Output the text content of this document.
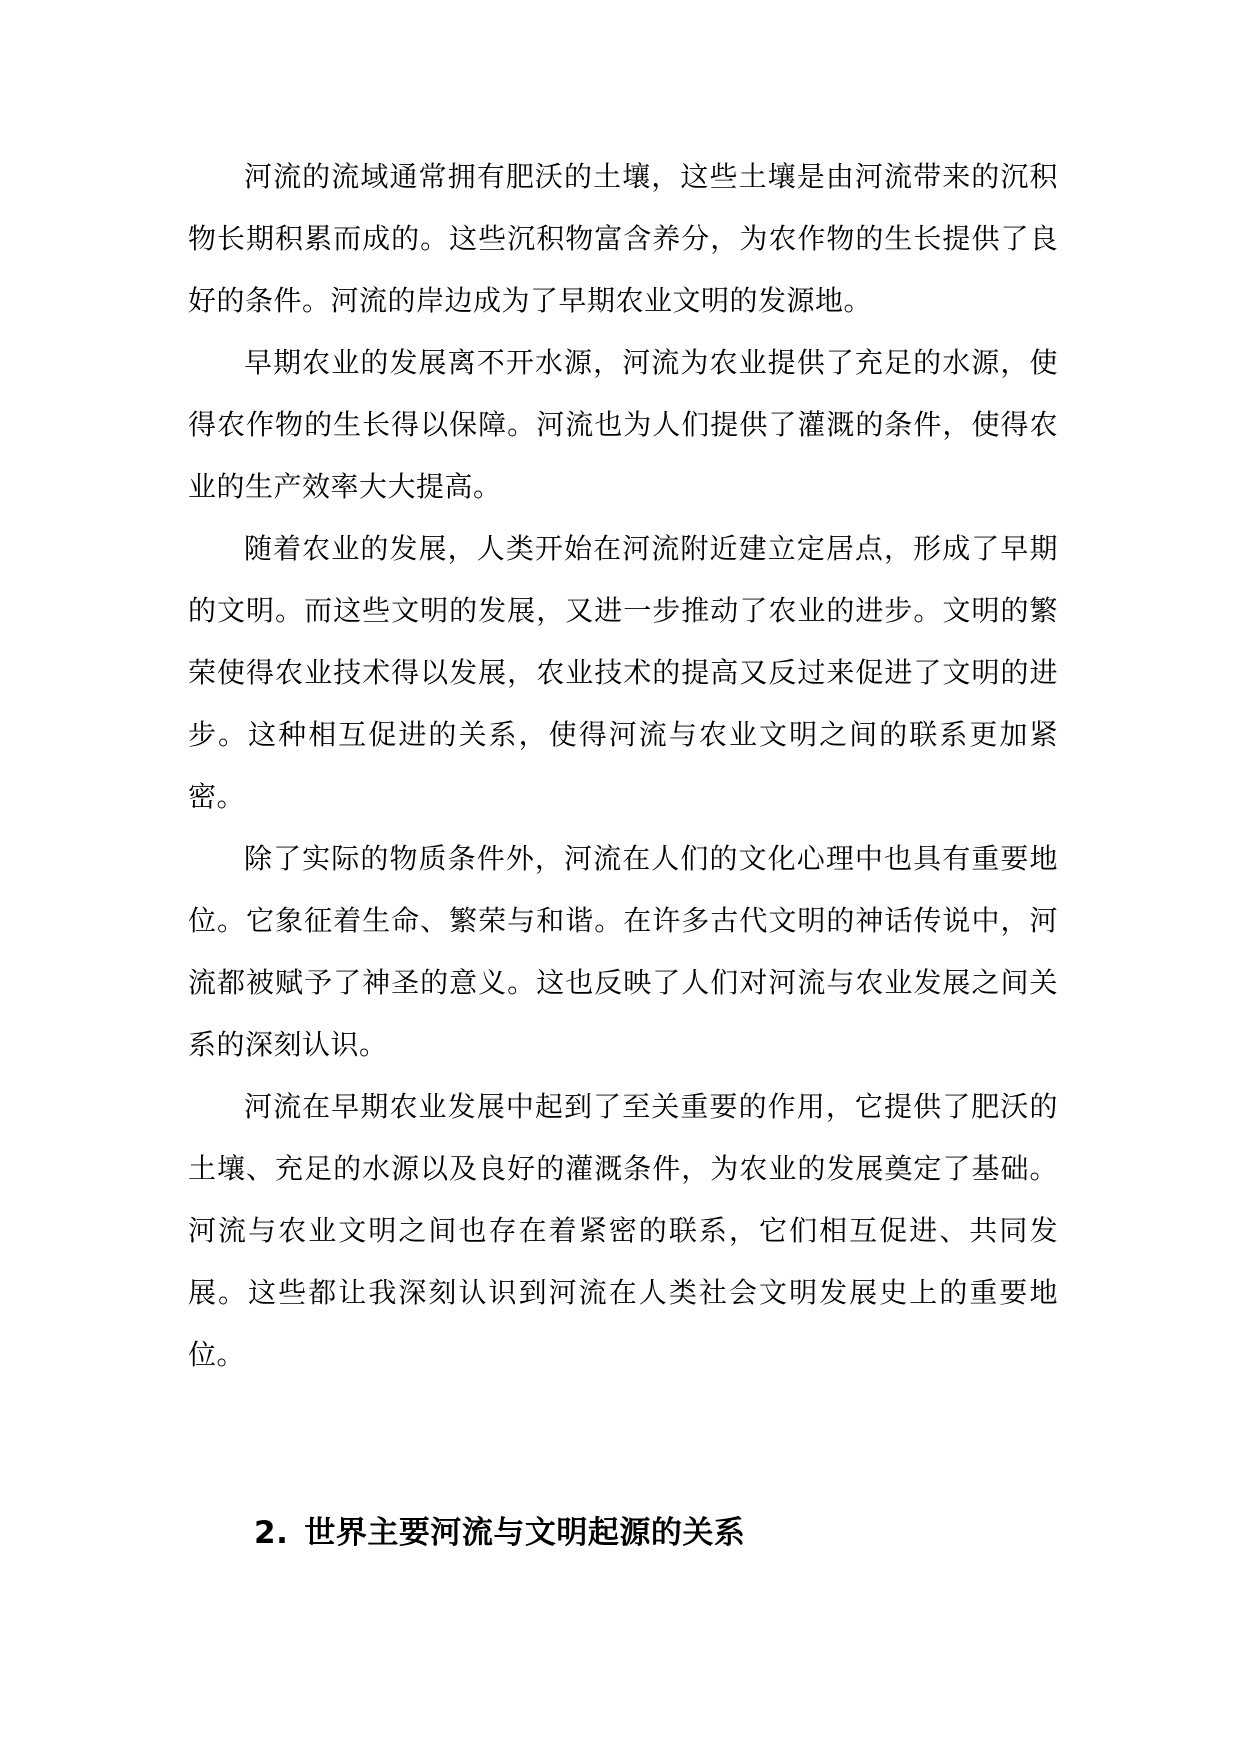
河流的流域通常拥有肥沃的土壤，这些土壤是由河流带来的沉积物长期积累而成的。这些沉积物富含养分，为农作物的生长提供了良好的条件。河流的岸边成为了早期农业文明的发源地。

早期农业的发展离不开水源，河流为农业提供了充足的水源，使得农作物的生长得以保障。河流也为人们提供了灌溉的条件，使得农业的生产效率大大提高。

随着农业的发展，人类开始在河流附近建立定居点，形成了早期的文明。而这些文明的发展，又进一步推动了农业的进步。文明的繁荣使得农业技术得以发展，农业技术的提高又反过来促进了文明的进步。这种相互促进的关系，使得河流与农业文明之间的联系更加紧密。

除了实际的物质条件外，河流在人们的文化心理中也具有重要地位。它象征着生命、繁荣与和谐。在许多古代文明的神话传说中，河流都被赋予了神圣的意义。这也反映了人们对河流与农业发展之间关系的深刻认识。

河流在早期农业发展中起到了至关重要的作用，它提供了肥沃的土壤、充足的水源以及良好的灌溉条件，为农业的发展奠定了基础。河流与农业文明之间也存在着紧密的联系，它们相互促进、共同发展。这些都让我深刻认识到河流在人类社会文明发展史上的重要地位。

2. 世界主要河流与文明起源的关系
